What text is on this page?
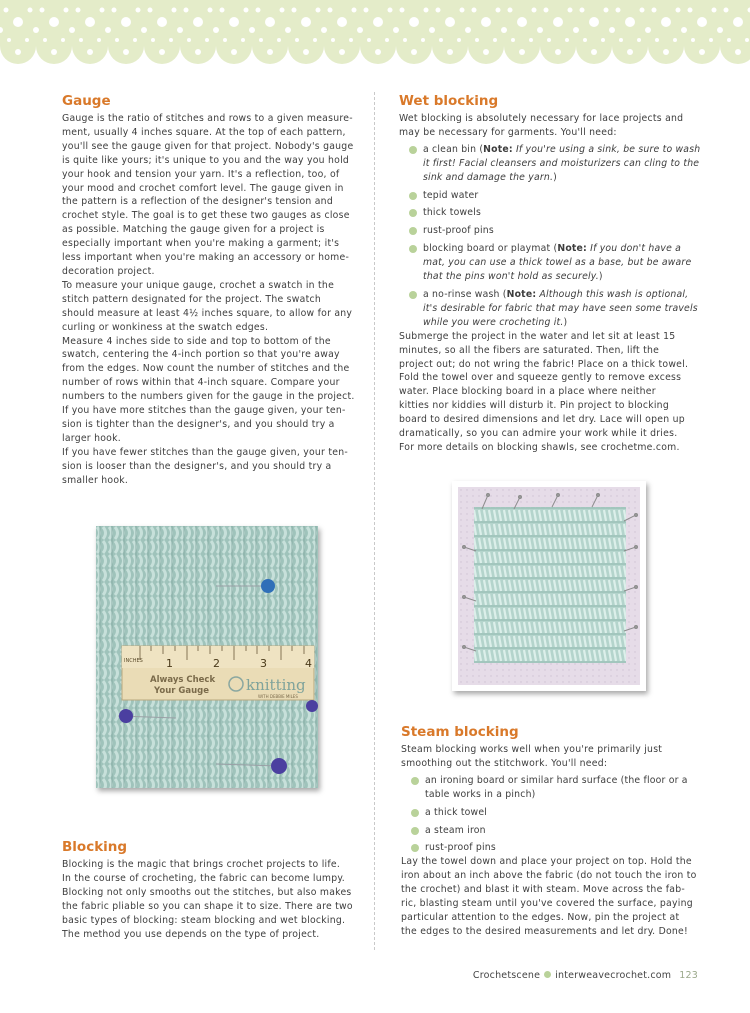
Gauge

Gauge is the ratio of stitches and rows to a given measure-
ment, usually 4 inches square. At the top of each pattern,
you'll see the gauge given for that project. Nobody's gauge
is quite like yours; it's unique to you and the way you hold
your hook and tension your yarn. It's a reflection, too, of
your mood and crochet comfort level. The gauge given in
the pattern is a reflection of the designer's tension and
crochet style. The goal is to get these two gauges as close
as possible. Matching the gauge given for a project is
especially important when you're making a garment; it's
less important when you're making an accessory or home-
decoration project.
To measure your unique gauge, crochet a swatch in the
stitch pattern designated for the project. The swatch
should measure at least 4½ inches square, to allow for any
curling or wonkiness at the swatch edges.
Measure 4 inches side to side and top to bottom of the
swatch, centering the 4-inch portion so that you're away
from the edges. Now count the number of stitches and the
number of rows within that 4-inch square. Compare your
numbers to the numbers given for the gauge in the project.
If you have more stitches than the gauge given, your ten-
sion is tighter than the designer's, and you should try a
larger hook.
If you have fewer stitches than the gauge given, your ten-
sion is looser than the designer's, and you should try a
smaller hook.

INCHES 1	2	3	4
Always Check
Your Gauge knitting
WITH DEBBIE MILES
Blocking

Blocking is the magic that brings crochet projects to life.
In the course of crocheting, the fabric can become lumpy.
Blocking not only smooths out the stitches, but also makes
the fabric pliable so you can shape it to size. There are two
basic types of blocking: steam blocking and wet blocking.
The method you use depends on the type of project.

Wet blocking

Wet blocking is absolutely necessary for lace projects and
may be necessary for garments. You'll need:

a clean bin (Note: If you're using a sink, be sure to wash it first! Facial cleansers and moisturizers can cling to the sink and damage the yarn.)
tepid water
thick towels
rust-proof pins
blocking board or playmat (Note: If you don't have a mat, you can use a thick towel as a base, but be aware that the pins won't hold as securely.)
a no-rinse wash (Note: Although this wash is optional, it's desirable for fabric that may have seen some travels while you were crocheting it.)

Submerge the project in the water and let sit at least 15
minutes, so all the fibers are saturated. Then, lift the
project out; do not wring the fabric! Place on a thick towel.
Fold the towel over and squeeze gently to remove excess
water. Place blocking board in a place where neither
kitties nor kiddies will disturb it. Pin project to blocking
board to desired dimensions and let dry. Lace will open up
dramatically, so you can admire your work while it dries.
For more details on blocking shawls, see crochetme.com.

Steam blocking

Steam blocking works well when you're primarily just
smoothing out the stitchwork. You'll need:

an ironing board or similar hard surface (the floor or a table works in a pinch)
a thick towel
a steam iron
rust-proof pins

Lay the towel down and place your project on top. Hold the
iron about an inch above the fabric (do not touch the iron to
the crochet) and blast it with steam. Move across the fab-
ric, blasting steam until you've covered the surface, paying
particular attention to the edges. Now, pin the project at
the edges to the desired measurements and let dry. Done!

Crochetscene interweavecrochet.com 123
